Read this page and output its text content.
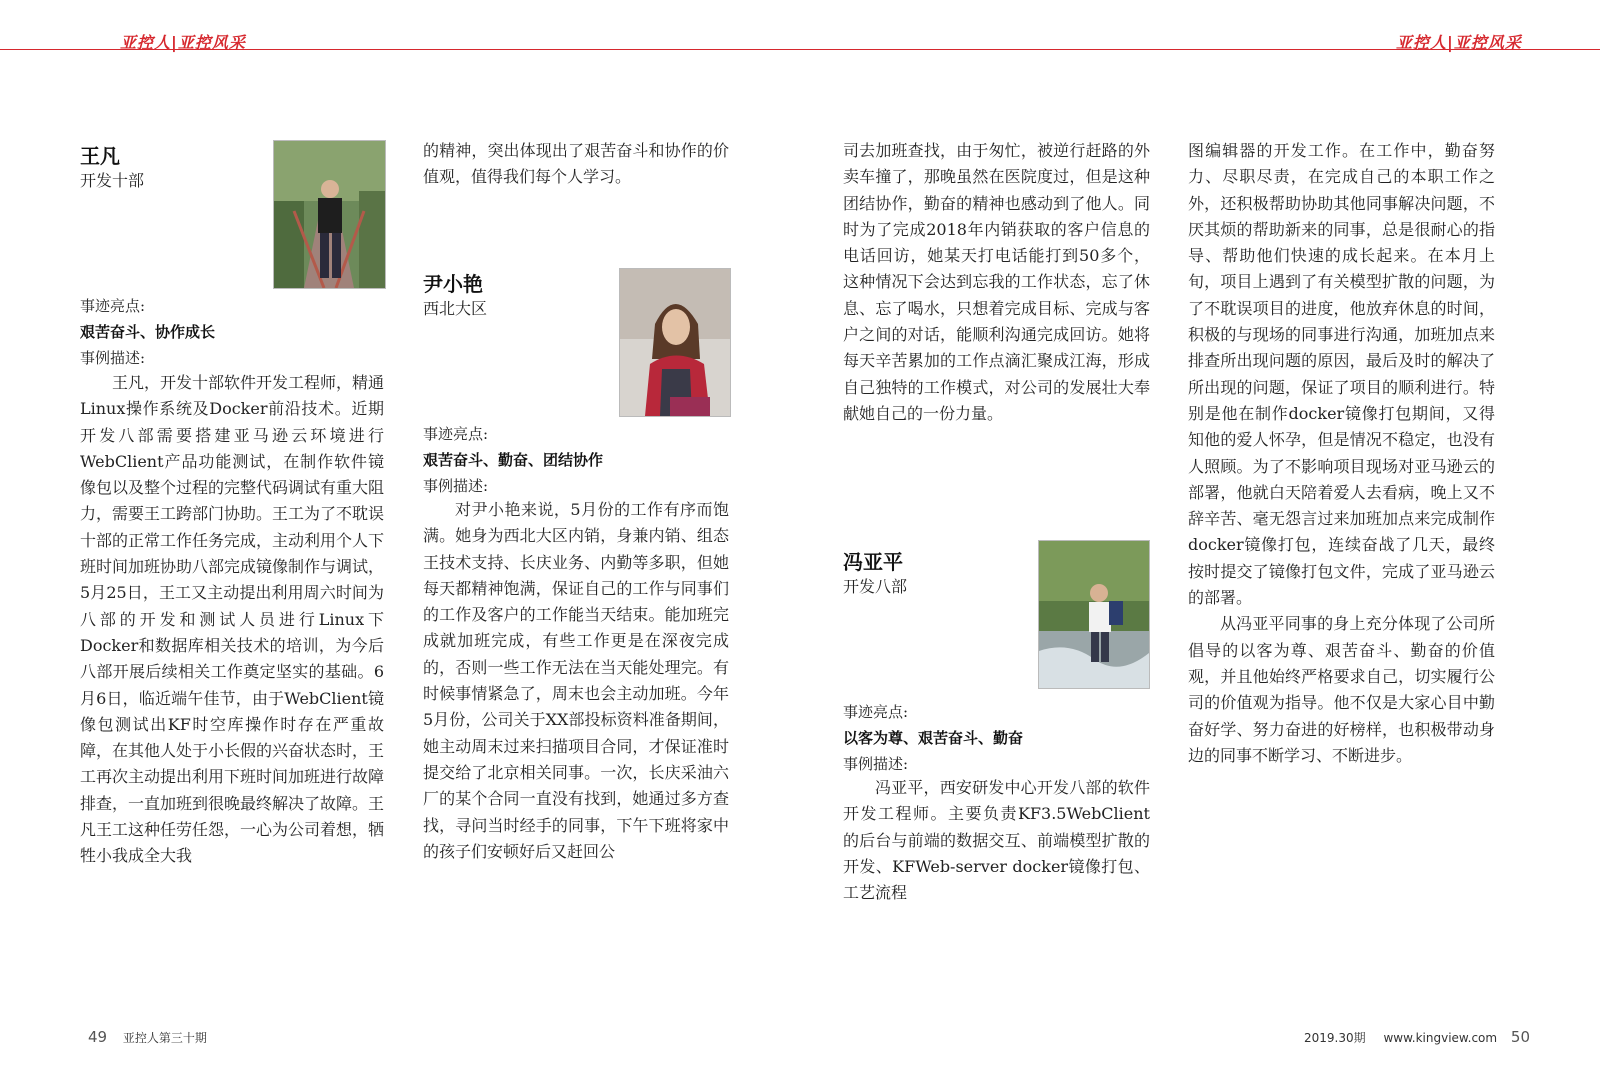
亚控人|亚控风采	亚控人|亚控风采
王凡
开发十部
事迹亮点:
艰苦奋斗、协作成长
事例描述:

王凡，开发十部软件开发工程师，精通Linux操作系统及Docker前沿技术。近期开发八部需要搭建亚马逊云环境进行WebClient产品功能测试，在制作软件镜像包以及整个过程的完整代码调试有重大阻力，需要王工跨部门协助。王工为了不耽误十部的正常工作任务完成，主动利用个人下班时间加班协助八部完成镜像制作与调试，5月25日，王工又主动提出利用周六时间为八部的开发和测试人员进行Linux下Docker和数据库相关技术的培训，为今后八部开展后续相关工作奠定坚实的基础。6月6日，临近端午佳节，由于WebClient镜像包测试出KF时空库操作时存在严重故障，在其他人处于小长假的兴奋状态时，王工再次主动提出利用下班时间加班进行故障排查，一直加班到很晚最终解决了故障。王凡王工这种任劳任怨，一心为公司着想，牺牲小我成全大我

的精神，突出体现出了艰苦奋斗和协作的价值观，值得我们每个人学习。

尹小艳
西北大区
事迹亮点:
艰苦奋斗、勤奋、团结协作
事例描述:

对尹小艳来说，5月份的工作有序而饱满。她身为西北大区内销，身兼内销、组态王技术支持、长庆业务、内勤等多职，但她每天都精神饱满，保证自己的工作与同事们的工作及客户的工作能当天结束。能加班完成就加班完成，有些工作更是在深夜完成的，否则一些工作无法在当天能处理完。有时候事情紧急了，周末也会主动加班。今年5月份，公司关于XX部投标资料准备期间，她主动周末过来扫描项目合同，才保证准时提交给了北京相关同事。一次，长庆采油六厂的某个合同一直没有找到，她通过多方查找，寻问当时经手的同事，下午下班将家中的孩子们安顿好后又赶回公

司去加班查找，由于匆忙，被逆行赶路的外卖车撞了，那晚虽然在医院度过，但是这种团结协作，勤奋的精神也感动到了他人。同时为了完成2018年内销获取的客户信息的电话回访，她某天打电话能打到50多个，这种情况下会达到忘我的工作状态，忘了休息、忘了喝水，只想着完成目标、完成与客户之间的对话，能顺利沟通完成回访。她将每天辛苦累加的工作点滴汇聚成江海，形成自己独特的工作模式，对公司的发展壮大奉献她自己的一份力量。

冯亚平
开发八部
事迹亮点:
以客为尊、艰苦奋斗、勤奋
事例描述:

冯亚平，西安研发中心开发八部的软件开发工程师。主要负责KF3.5WebClient的后台与前端的数据交互、前端模型扩散的开发、KFWeb-server docker镜像打包、工艺流程

图编辑器的开发工作。在工作中，勤奋努力、尽职尽责，在完成自己的本职工作之外，还积极帮助协助其他同事解决问题，不厌其烦的帮助新来的同事，总是很耐心的指导、帮助他们快速的成长起来。在本月上旬，项目上遇到了有关模型扩散的问题，为了不耽误项目的进度，他放弃休息的时间，积极的与现场的同事进行沟通，加班加点来排查所出现问题的原因，最后及时的解决了所出现的问题，保证了项目的顺利进行。特别是他在制作docker镜像打包期间，又得知他的爱人怀孕，但是情况不稳定，也没有人照顾。为了不影响项目现场对亚马逊云的部署，他就白天陪着爱人去看病，晚上又不辞辛苦、毫无怨言过来加班加点来完成制作docker镜像打包，连续奋战了几天，最终按时提交了镜像打包文件，完成了亚马逊云的部署。

从冯亚平同事的身上充分体现了公司所倡导的以客为尊、艰苦奋斗、勤奋的价值观，并且他始终严格要求自己，切实履行公司的价值观为指导。他不仅是大家心目中勤奋好学、努力奋进的好榜样，也积极带动身边的同事不断学习、不断进步。

49 亚控人第三十期	2019.30期 www.kingview.com 50
